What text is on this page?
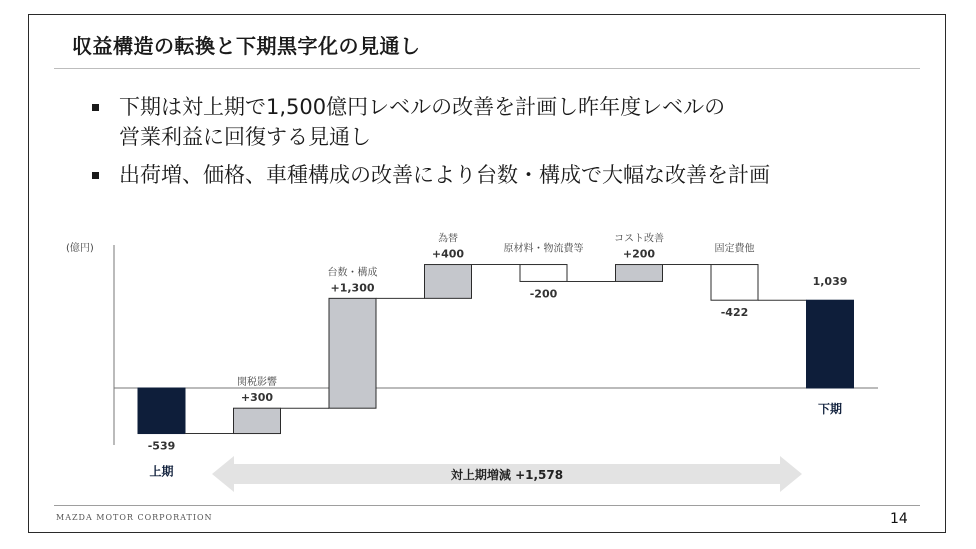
収益構造の転換と下期黒字化の見通し
下期は対上期で1,500億円レベルの改善を計画し昨年度レベルの
営業利益に回復する見通し
出荷増、価格、車種構成の改善により台数・構成で大幅な改善を計画
(億円)
対上期増減 +1,578
-539
上期
+300
関税影響
+1,300
台数・構成
+400
為替
-200
原材料・物流費等	+200
コスト改善
-422
固定費他
1,039
下期
MAZDA MOTOR CORPORATION	14
